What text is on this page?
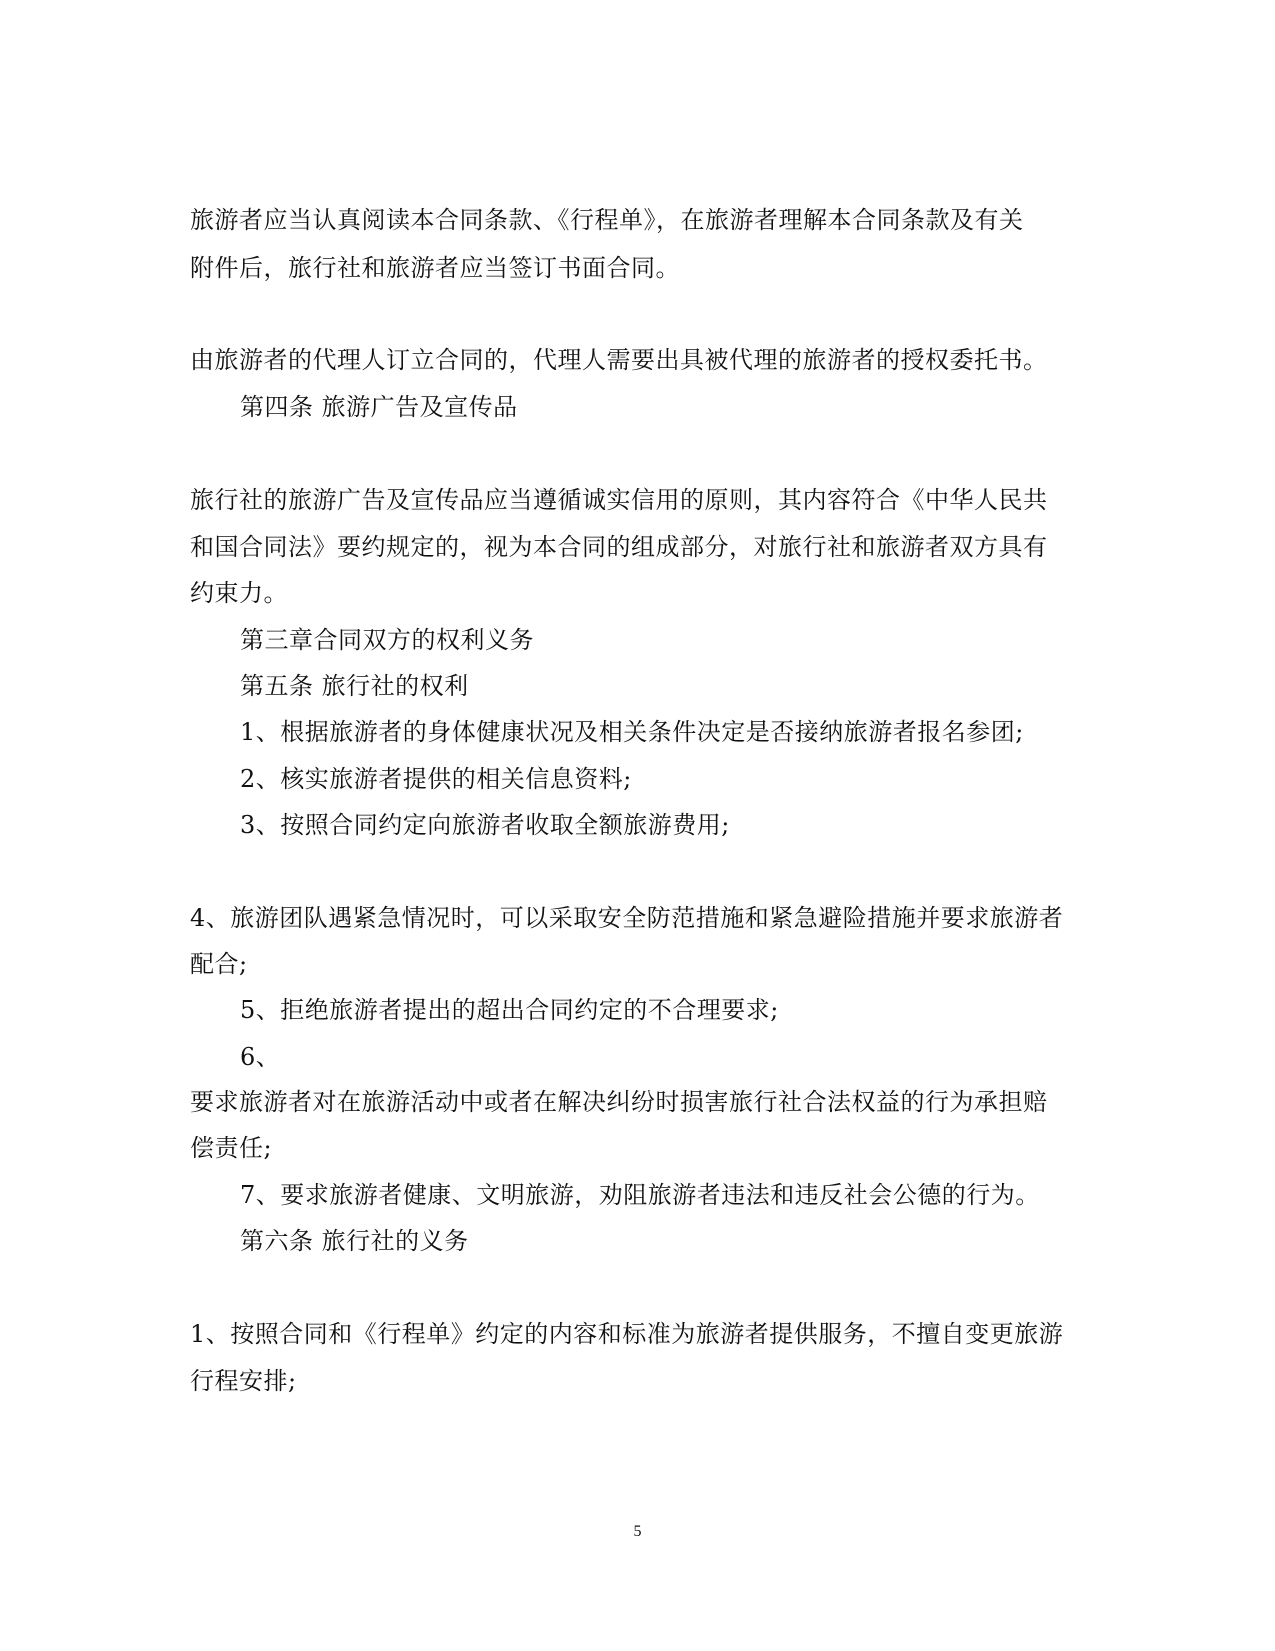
旅游者应当认真阅读本合同条款、《行程单》，在旅游者理解本合同条款及有关
附件后，旅行社和旅游者应当签订书面合同。
由旅游者的代理人订立合同的，代理人需要出具被代理的旅游者的授权委托书。
第四条 旅游广告及宣传品
旅行社的旅游广告及宣传品应当遵循诚实信用的原则，其内容符合《中华人民共
和国合同法》要约规定的，视为本合同的组成部分，对旅行社和旅游者双方具有
约束力。
第三章合同双方的权利义务
第五条 旅行社的权利
1、根据旅游者的身体健康状况及相关条件决定是否接纳旅游者报名参团;
2、核实旅游者提供的相关信息资料;
3、按照合同约定向旅游者收取全额旅游费用;
4、旅游团队遇紧急情况时，可以采取安全防范措施和紧急避险措施并要求旅游者
配合;
5、拒绝旅游者提出的超出合同约定的不合理要求;
6、
要求旅游者对在旅游活动中或者在解决纠纷时损害旅行社合法权益的行为承担赔
偿责任;
7、要求旅游者健康、文明旅游，劝阻旅游者违法和违反社会公德的行为。
第六条 旅行社的义务
1、按照合同和《行程单》约定的内容和标准为旅游者提供服务，不擅自变更旅游
行程安排;
5
